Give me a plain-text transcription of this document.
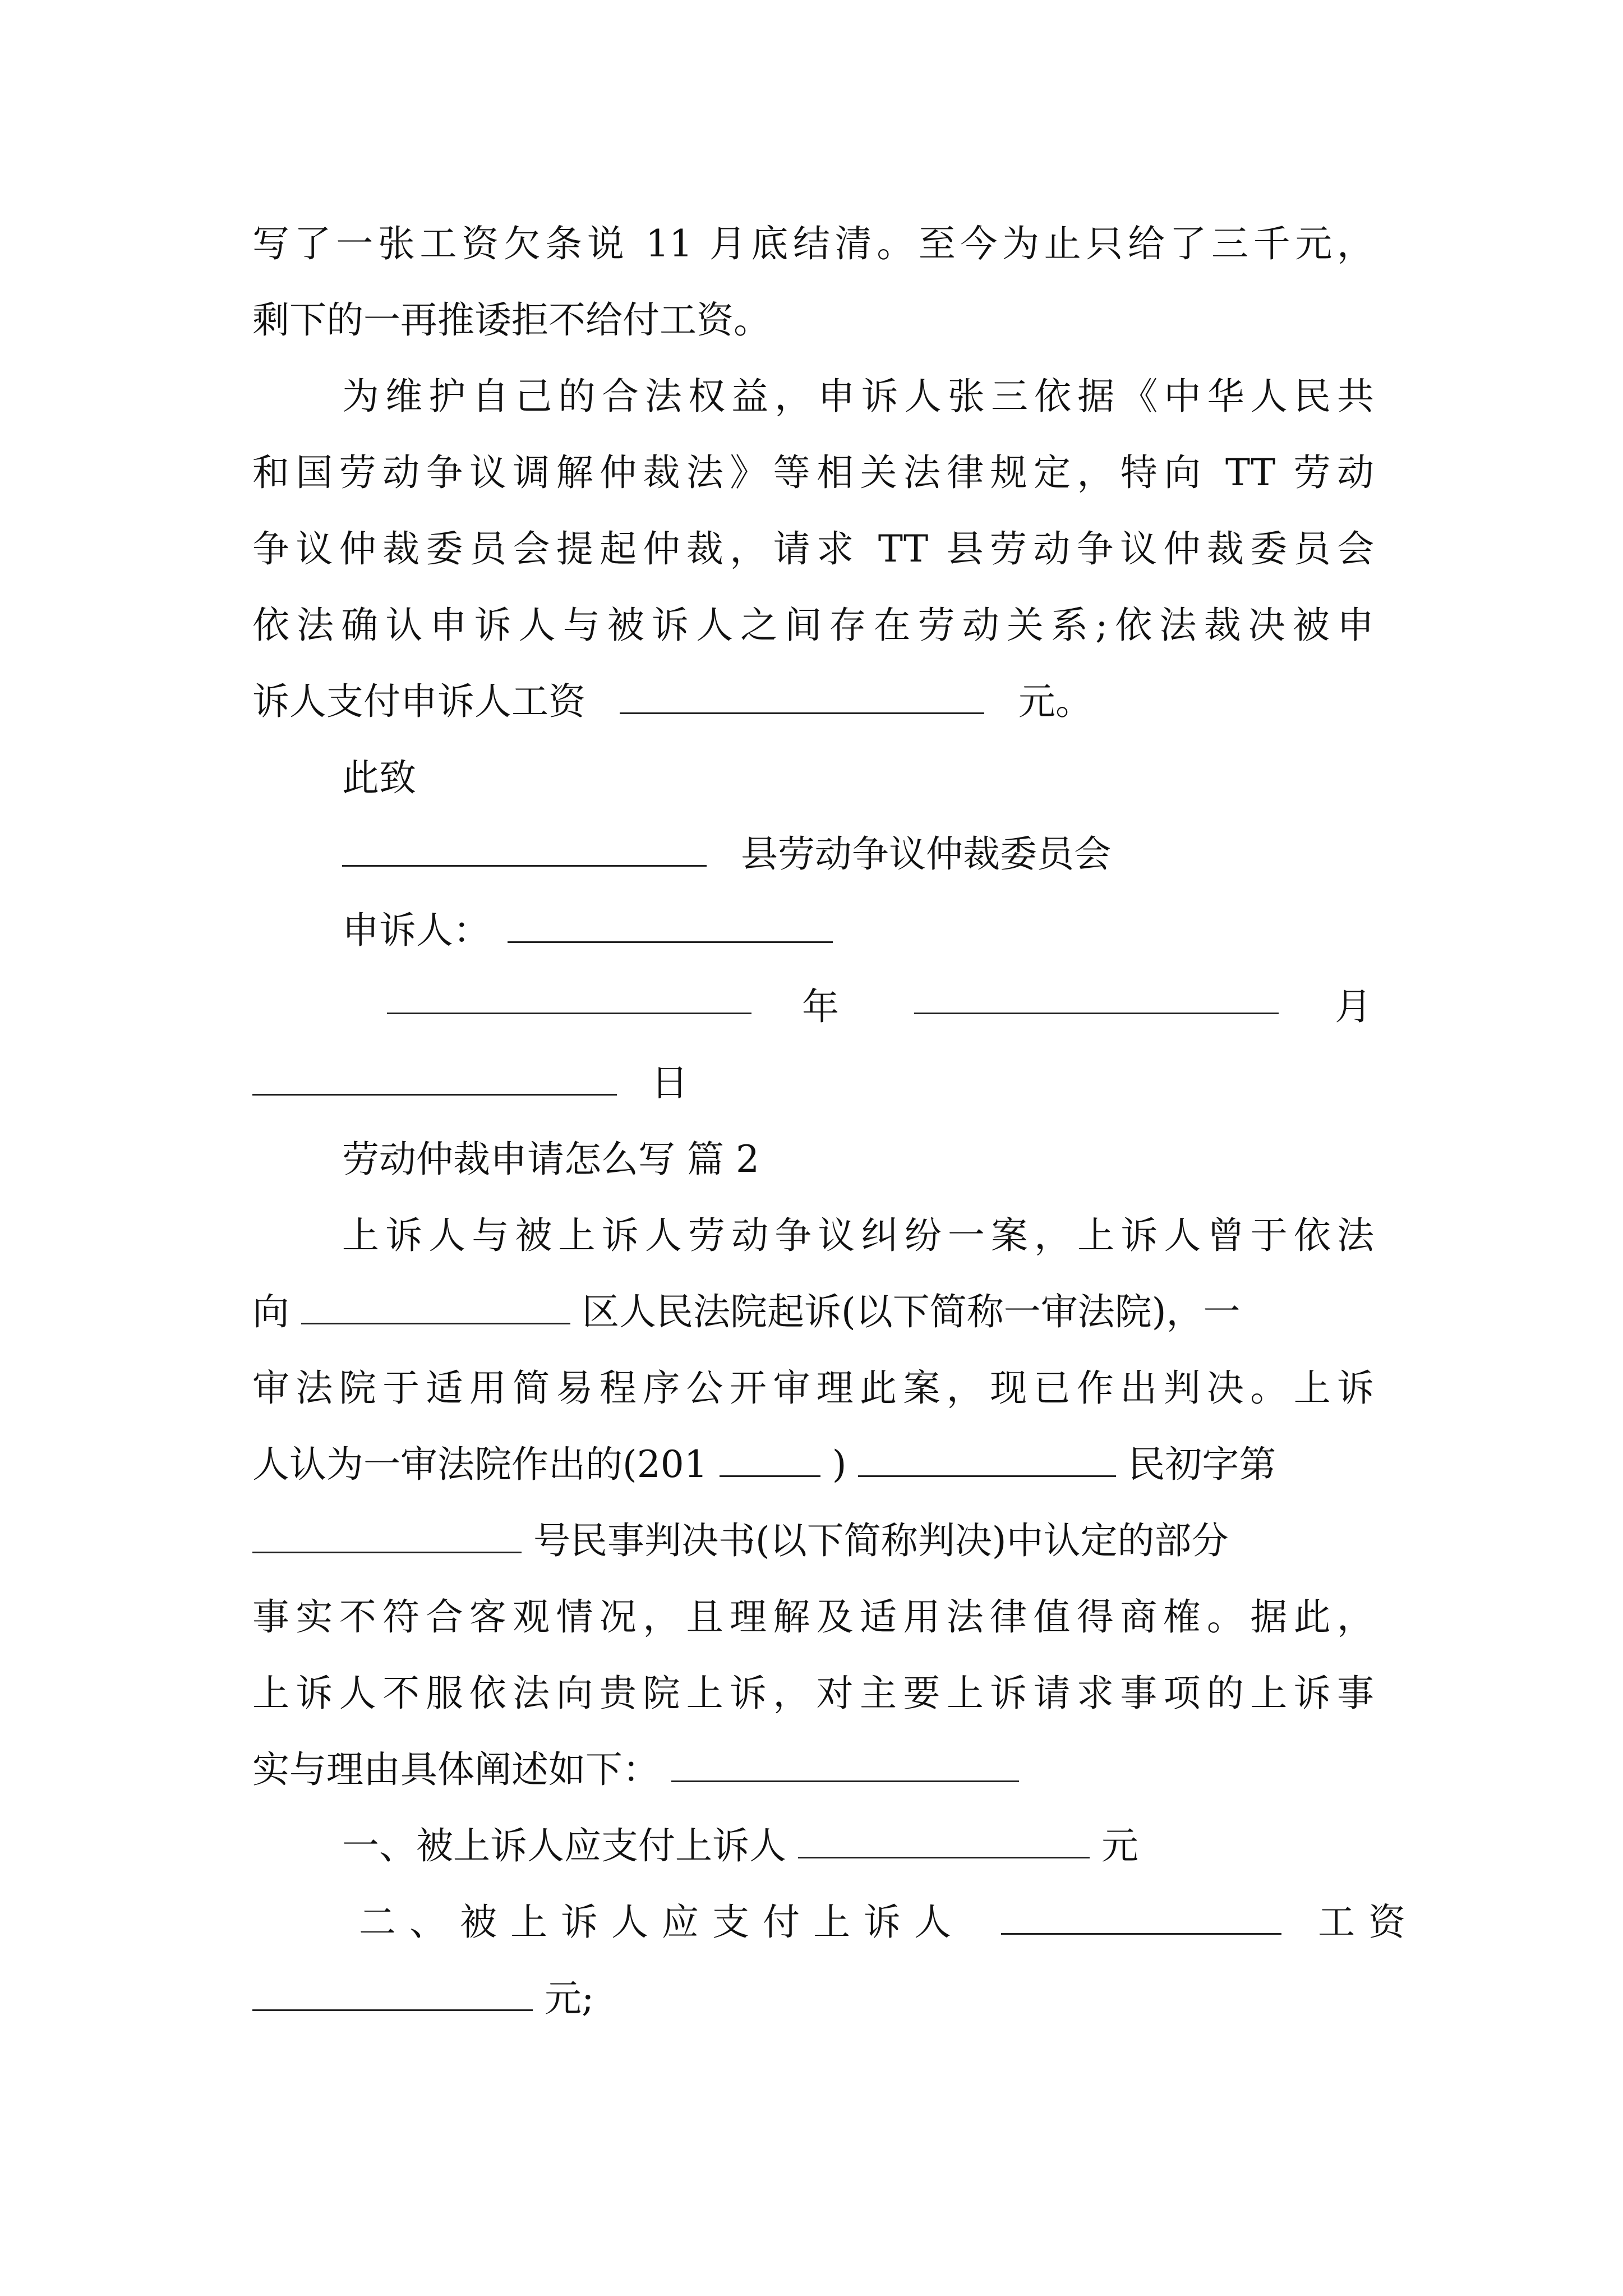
写了一张工资欠条说 11 月底结清。至今为止只给了三千元，
剩下的一再推诿拒不给付工资。
为维护自己的合法权益，申诉人张三依据《中华人民共
和国劳动争议调解仲裁法》等相关法律规定，特向 TT 劳动
争议仲裁委员会提起仲裁，请求 TT 县劳动争议仲裁委员会
依法确认申诉人与被诉人之间存在劳动关系;依法裁决被申
诉人支付申诉人工资	元。
此致
县劳动争议仲裁委员会
申诉人：
年	月
日
劳动仲裁申请怎么写 篇 2
上诉人与被上诉人劳动争议纠纷一案，上诉人曾于依法
向	区人民法院起诉(以下简称一审法院)，一
审法院于适用简易程序公开审理此案，现已作出判决。上诉
人认为一审法院作出的(201	)	民初字第
号民事判决书(以下简称判决)中认定的部分
事实不符合客观情况，且理解及适用法律值得商榷。据此，
上诉人不服依法向贵院上诉，对主要上诉请求事项的上诉事
实与理由具体阐述如下：
一、被上诉人应支付上诉人	元
二、被上诉人应支付上诉人	工资
元;
